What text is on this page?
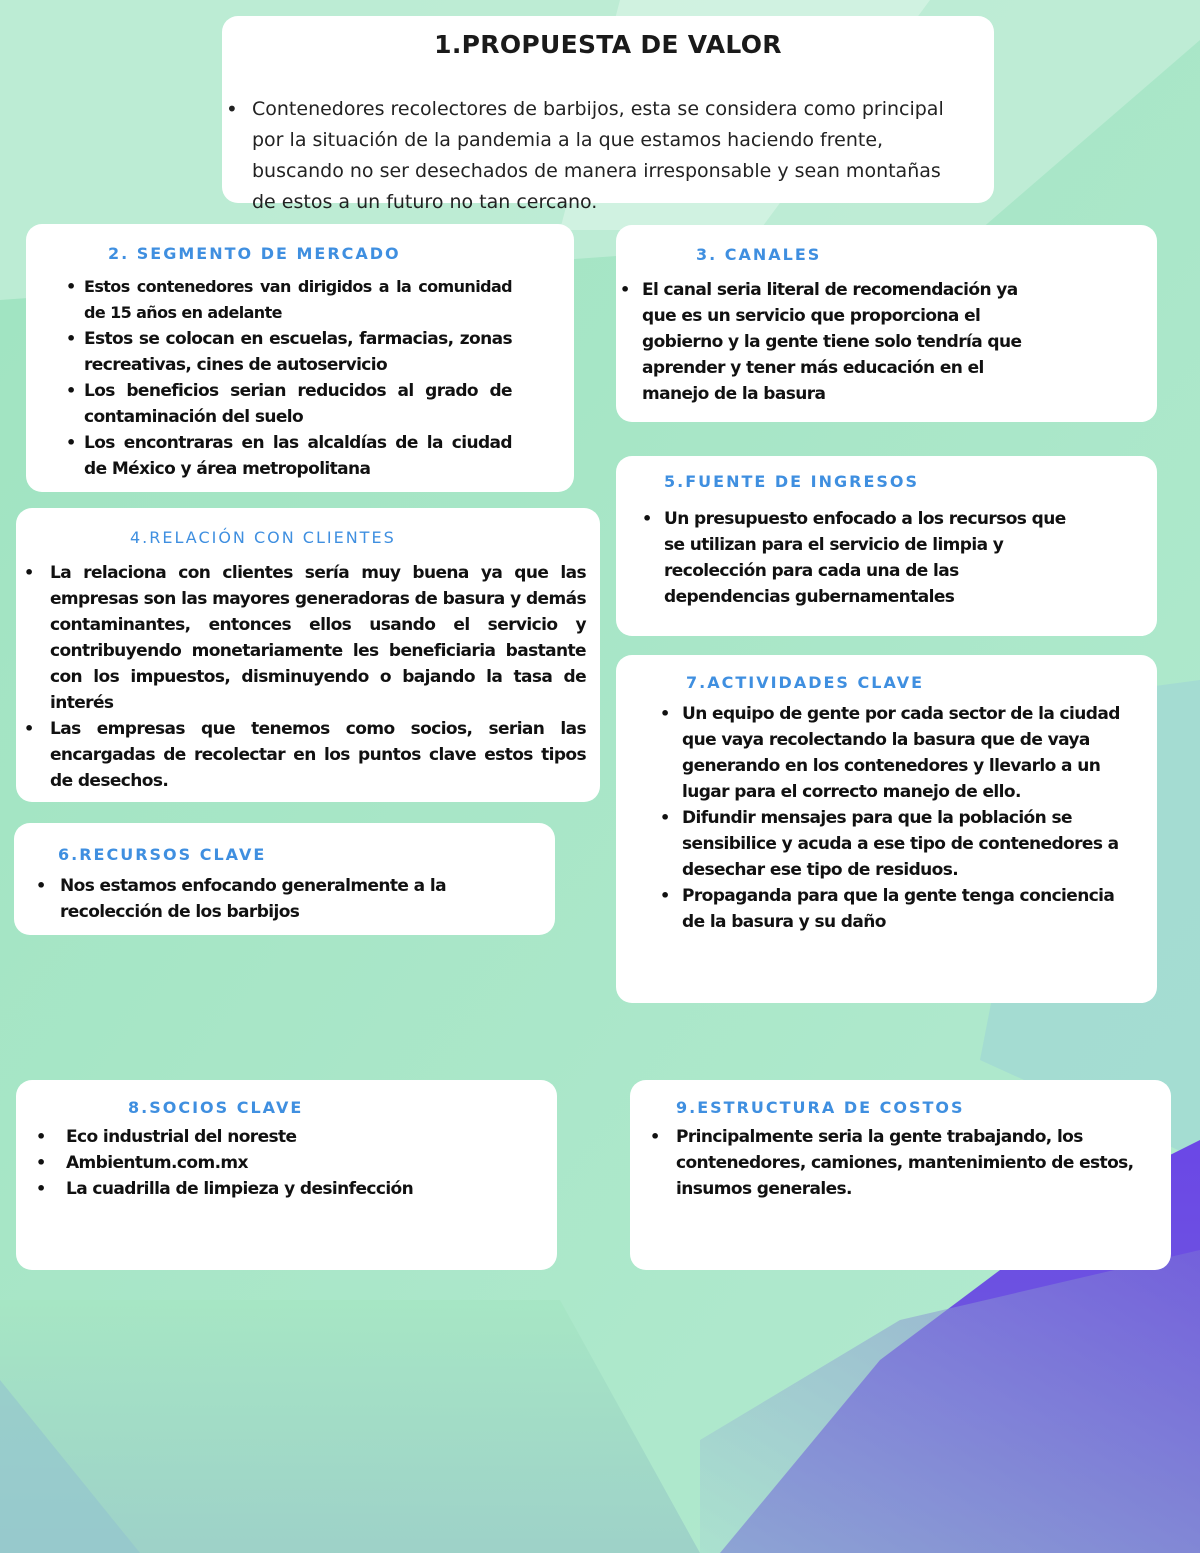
1.PROPUESTA DE VALOR
• Contenedores recolectores de barbijos, esta se considera como principal por la situación de la pandemia a la que estamos haciendo frente, buscando no ser desechados de manera irresponsable y sean montañas de estos a un futuro no tan cercano.
2. SEGMENTO DE MERCADO
• Estos contenedores van dirigidos a la comunidad de 15 años en adelante
• Estos se colocan en escuelas, farmacias, zonas recreativas, cines de autoservicio
• Los beneficios serian reducidos al grado de contaminación del suelo
• Los encontraras en las alcaldías de la ciudad de México y área metropolitana
3. CANALES
• El canal seria literal de recomendación ya que es un servicio que proporciona el gobierno y la gente tiene solo tendría que aprender y tener más educación en el manejo de la basura
4.RELACIÓN CON CLIENTES
• La relaciona con clientes sería muy buena ya que las empresas son las mayores generadoras de basura y demás contaminantes, entonces ellos usando el servicio y contribuyendo monetariamente les beneficiaria bastante con los impuestos, disminuyendo o bajando la tasa de interés
• Las empresas que tenemos como socios, serian las encargadas de recolectar en los puntos clave estos tipos de desechos.
5.FUENTE DE INGRESOS
• Un presupuesto enfocado a los recursos que se utilizan para el servicio de limpia y recolección para cada una de las dependencias gubernamentales
6.RECURSOS CLAVE
• Nos estamos enfocando generalmente a la recolección de los barbijos
7.ACTIVIDADES CLAVE
• Un equipo de gente por cada sector de la ciudad que vaya recolectando la basura que de vaya generando en los contenedores y llevarlo a un lugar para el correcto manejo de ello.
• Difundir mensajes para que la población se sensibilice y acuda a ese tipo de contenedores a desechar ese tipo de residuos.
• Propaganda para que la gente tenga conciencia de la basura y su daño
8.SOCIOS CLAVE
• Eco industrial del noreste
• Ambientum.com.mx
• La cuadrilla de limpieza y desinfección
9.ESTRUCTURA DE COSTOS
• Principalmente seria la gente trabajando, los contenedores, camiones, mantenimiento de estos, insumos generales.
